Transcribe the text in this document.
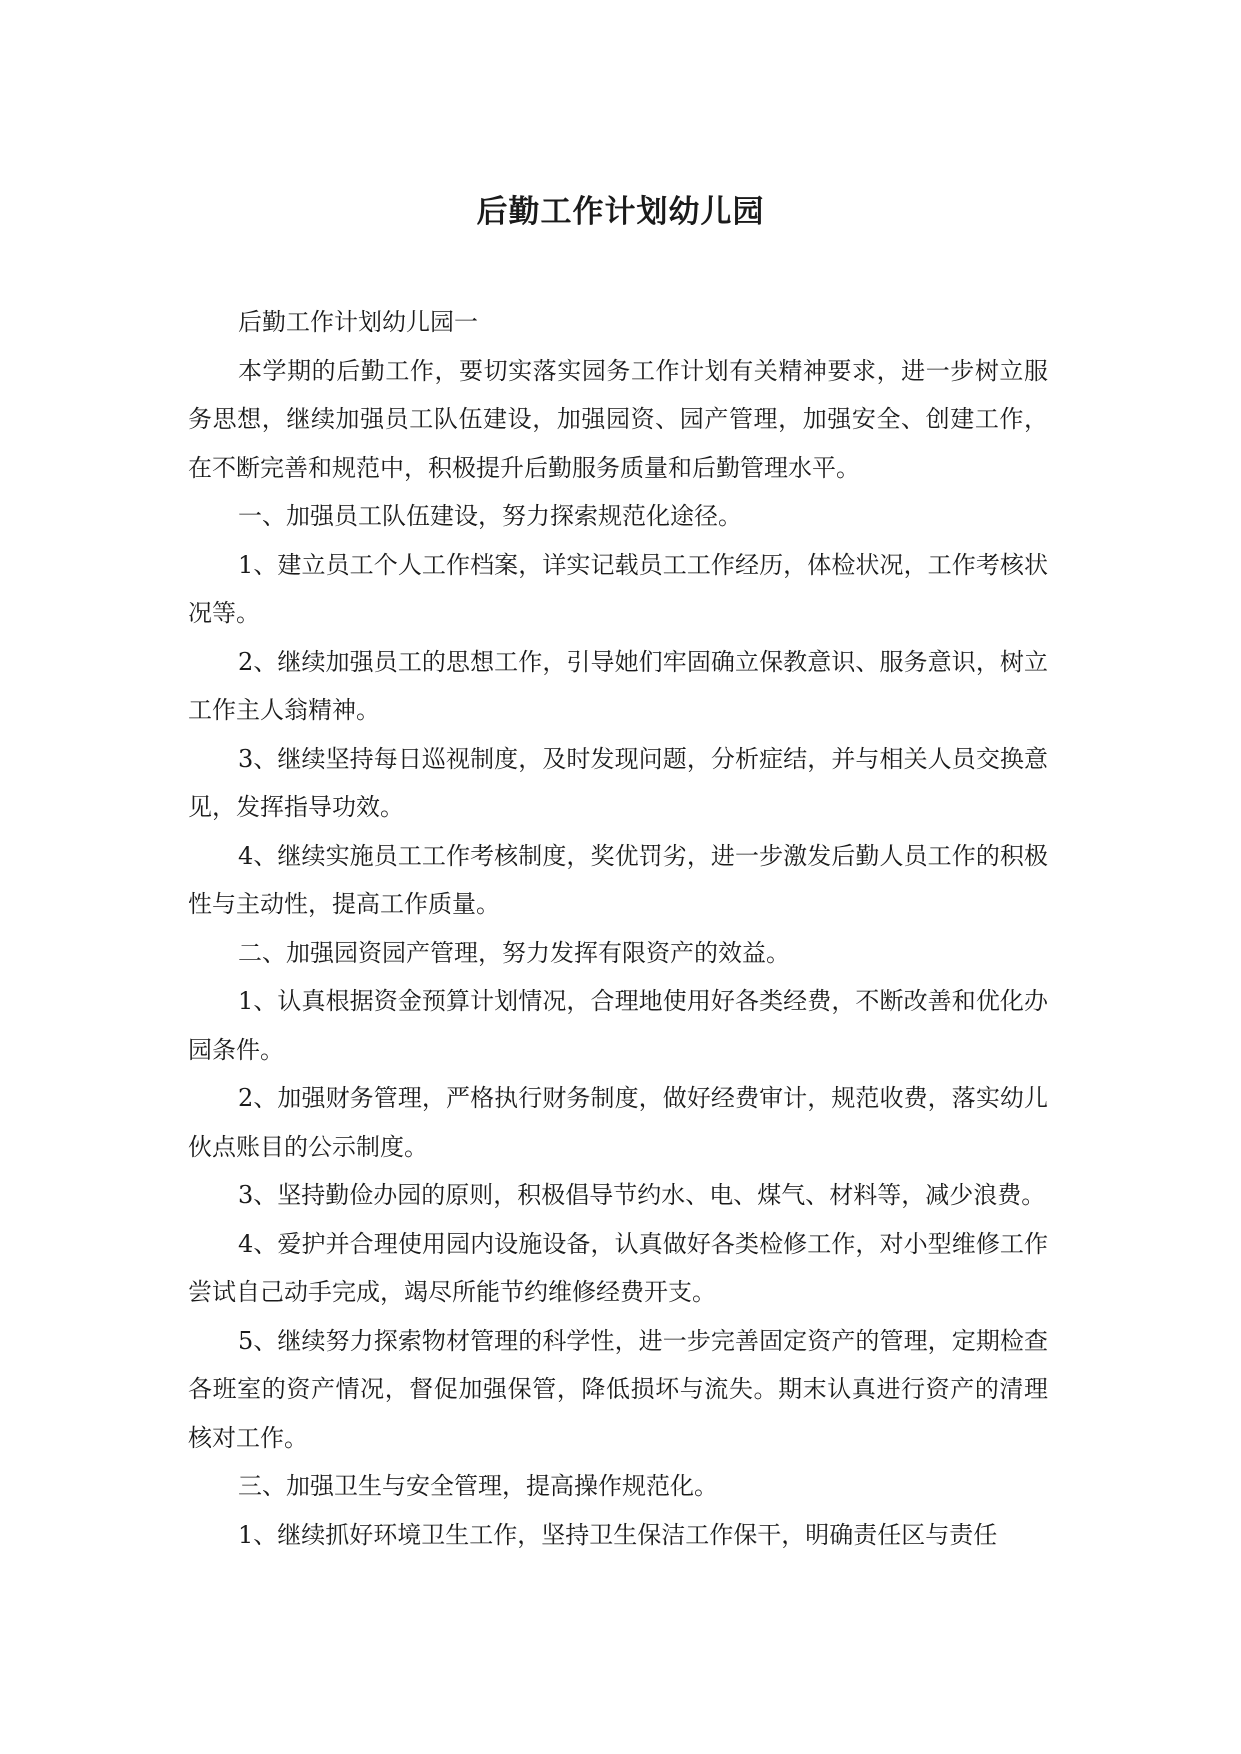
后勤工作计划幼儿园

后勤工作计划幼儿园一

本学期的后勤工作，要切实落实园务工作计划有关精神要求，进一步树立服务思想，继续加强员工队伍建设，加强园资、园产管理，加强安全、创建工作，在不断完善和规范中，积极提升后勤服务质量和后勤管理水平。

一、加强员工队伍建设，努力探索规范化途径。

1、建立员工个人工作档案，详实记载员工工作经历，体检状况，工作考核状况等。

2、继续加强员工的思想工作，引导她们牢固确立保教意识、服务意识，树立工作主人翁精神。

3、继续坚持每日巡视制度，及时发现问题，分析症结，并与相关人员交换意见，发挥指导功效。

4、继续实施员工工作考核制度，奖优罚劣，进一步激发后勤人员工作的积极性与主动性，提高工作质量。

二、加强园资园产管理，努力发挥有限资产的效益。

1、认真根据资金预算计划情况，合理地使用好各类经费，不断改善和优化办园条件。

2、加强财务管理，严格执行财务制度，做好经费审计，规范收费，落实幼儿伙点账目的公示制度。

3、坚持勤俭办园的原则，积极倡导节约水、电、煤气、材料等，减少浪费。

4、爱护并合理使用园内设施设备，认真做好各类检修工作，对小型维修工作尝试自己动手完成，竭尽所能节约维修经费开支。

5、继续努力探索物材管理的科学性，进一步完善固定资产的管理，定期检查各班室的资产情况，督促加强保管，降低损坏与流失。期末认真进行资产的清理核对工作。

三、加强卫生与安全管理，提高操作规范化。

1、继续抓好环境卫生工作，坚持卫生保洁工作保干，明确责任区与责任
